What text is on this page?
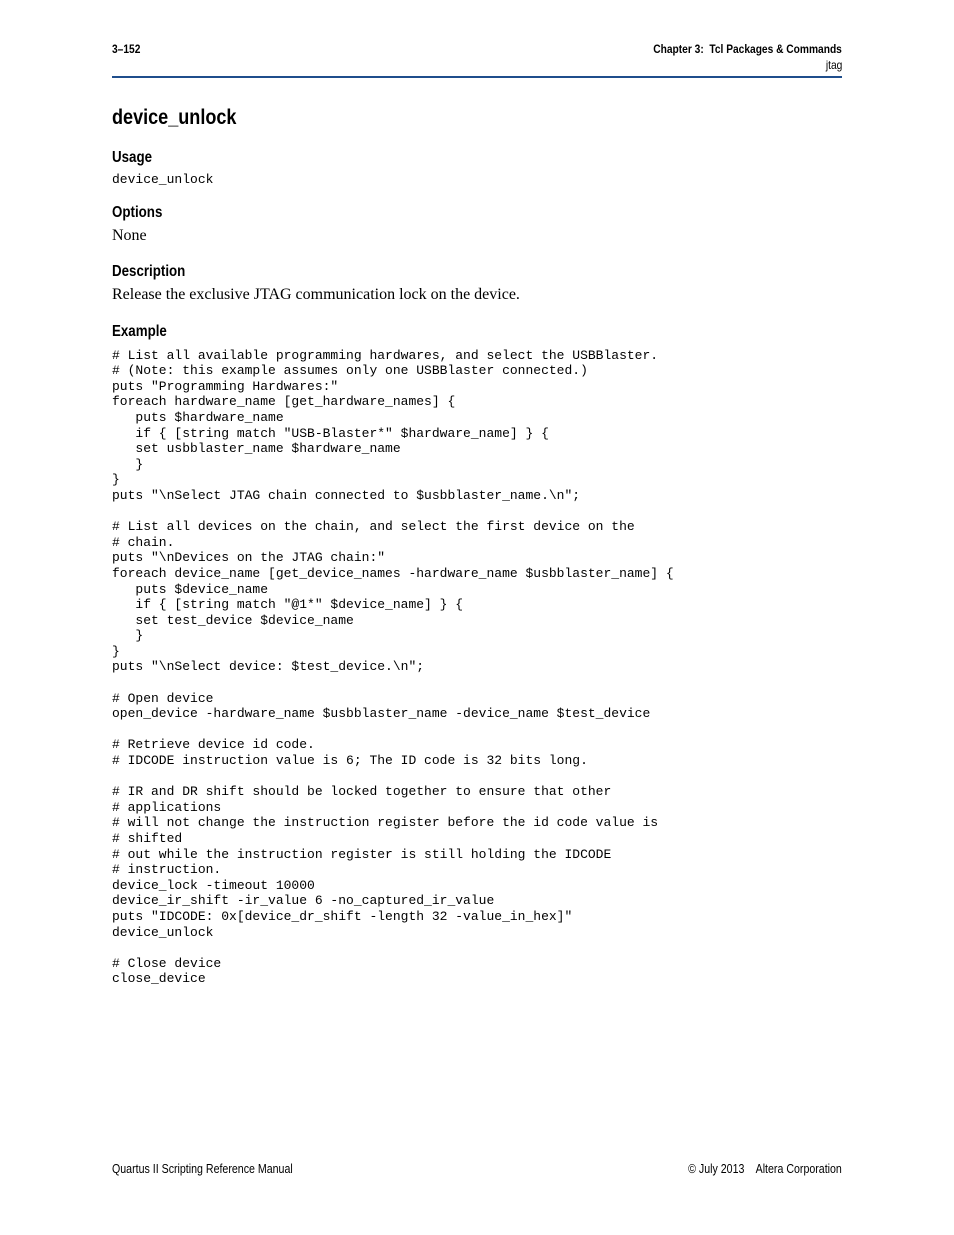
3–152	Chapter 3:  Tcl Packages & Commands
jtag
device_unlock
Usage
device_unlock
Options

None

Description

Release the exclusive JTAG communication lock on the device.

Example
# List all available programming hardwares, and select the USBBlaster.
# (Note: this example assumes only one USBBlaster connected.)
puts "Programming Hardwares:"
foreach hardware_name [get_hardware_names] {
puts $hardware_name
if { [string match "USB-Blaster*" $hardware_name] } {
set usbblaster_name $hardware_name
}
}
puts "\nSelect JTAG chain connected to $usbblaster_name.\n";

# List all devices on the chain, and select the first device on the
# chain.
puts "\nDevices on the JTAG chain:"
foreach device_name [get_device_names -hardware_name $usbblaster_name] {
puts $device_name
if { [string match "@1*" $device_name] } {
set test_device $device_name
}
}
puts "\nSelect device: $test_device.\n";

# Open device
open_device -hardware_name $usbblaster_name -device_name $test_device

# Retrieve device id code.
# IDCODE instruction value is 6; The ID code is 32 bits long.

# IR and DR shift should be locked together to ensure that other
# applications
# will not change the instruction register before the id code value is
# shifted
# out while the instruction register is still holding the IDCODE
# instruction.
device_lock -timeout 10000
device_ir_shift -ir_value 6 -no_captured_ir_value
puts "IDCODE: 0x[device_dr_shift -length 32 -value_in_hex]"
device_unlock

# Close device
close_device
Quartus II Scripting Reference Manual	© July 2013    Altera Corporation
